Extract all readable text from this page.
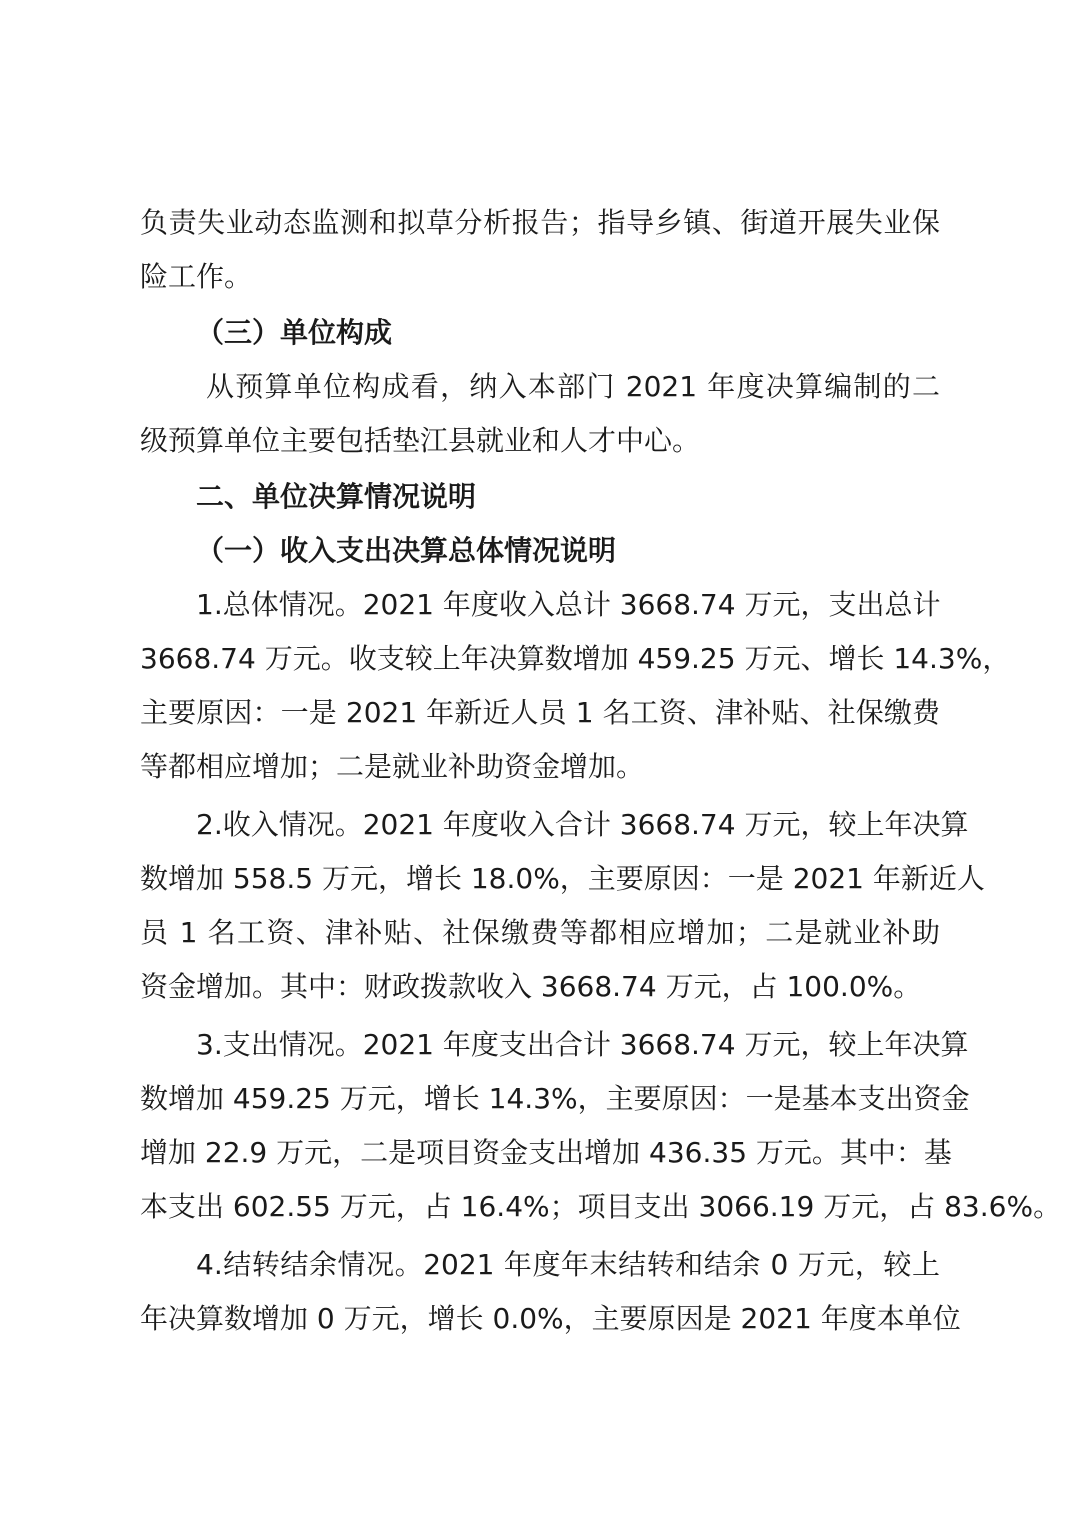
负责失业动态监测和拟草分析报告；指导乡镇、街道开展失业保
险工作。
（三）单位构成
从预算单位构成看，纳入本部门 2021 年度决算编制的二
级预算单位主要包括垫江县就业和人才中心。
二、单位决算情况说明
（一）收入支出决算总体情况说明
1.总体情况。2021 年度收入总计 3668.74 万元，支出总计
3668.74 万元。收支较上年决算数增加 459.25 万元、增长 14.3%，
主要原因：一是 2021 年新近人员 1 名工资、津补贴、社保缴费
等都相应增加；二是就业补助资金增加。
2.收入情况。2021 年度收入合计 3668.74 万元，较上年决算
数增加 558.5 万元，增长 18.0%，主要原因：一是 2021 年新近人
员 1 名工资、津补贴、社保缴费等都相应增加；二是就业补助
资金增加。其中：财政拨款收入 3668.74 万元，占 100.0%。
3.支出情况。2021 年度支出合计 3668.74 万元，较上年决算
数增加 459.25 万元，增长 14.3%，主要原因：一是基本支出资金
增加 22.9 万元，二是项目资金支出增加 436.35 万元。其中：基
本支出 602.55 万元，占 16.4%；项目支出 3066.19 万元，占 83.6%。
4.结转结余情况。2021 年度年末结转和结余 0 万元，较上
年决算数增加 0 万元，增长 0.0%，主要原因是 2021 年度本单位
